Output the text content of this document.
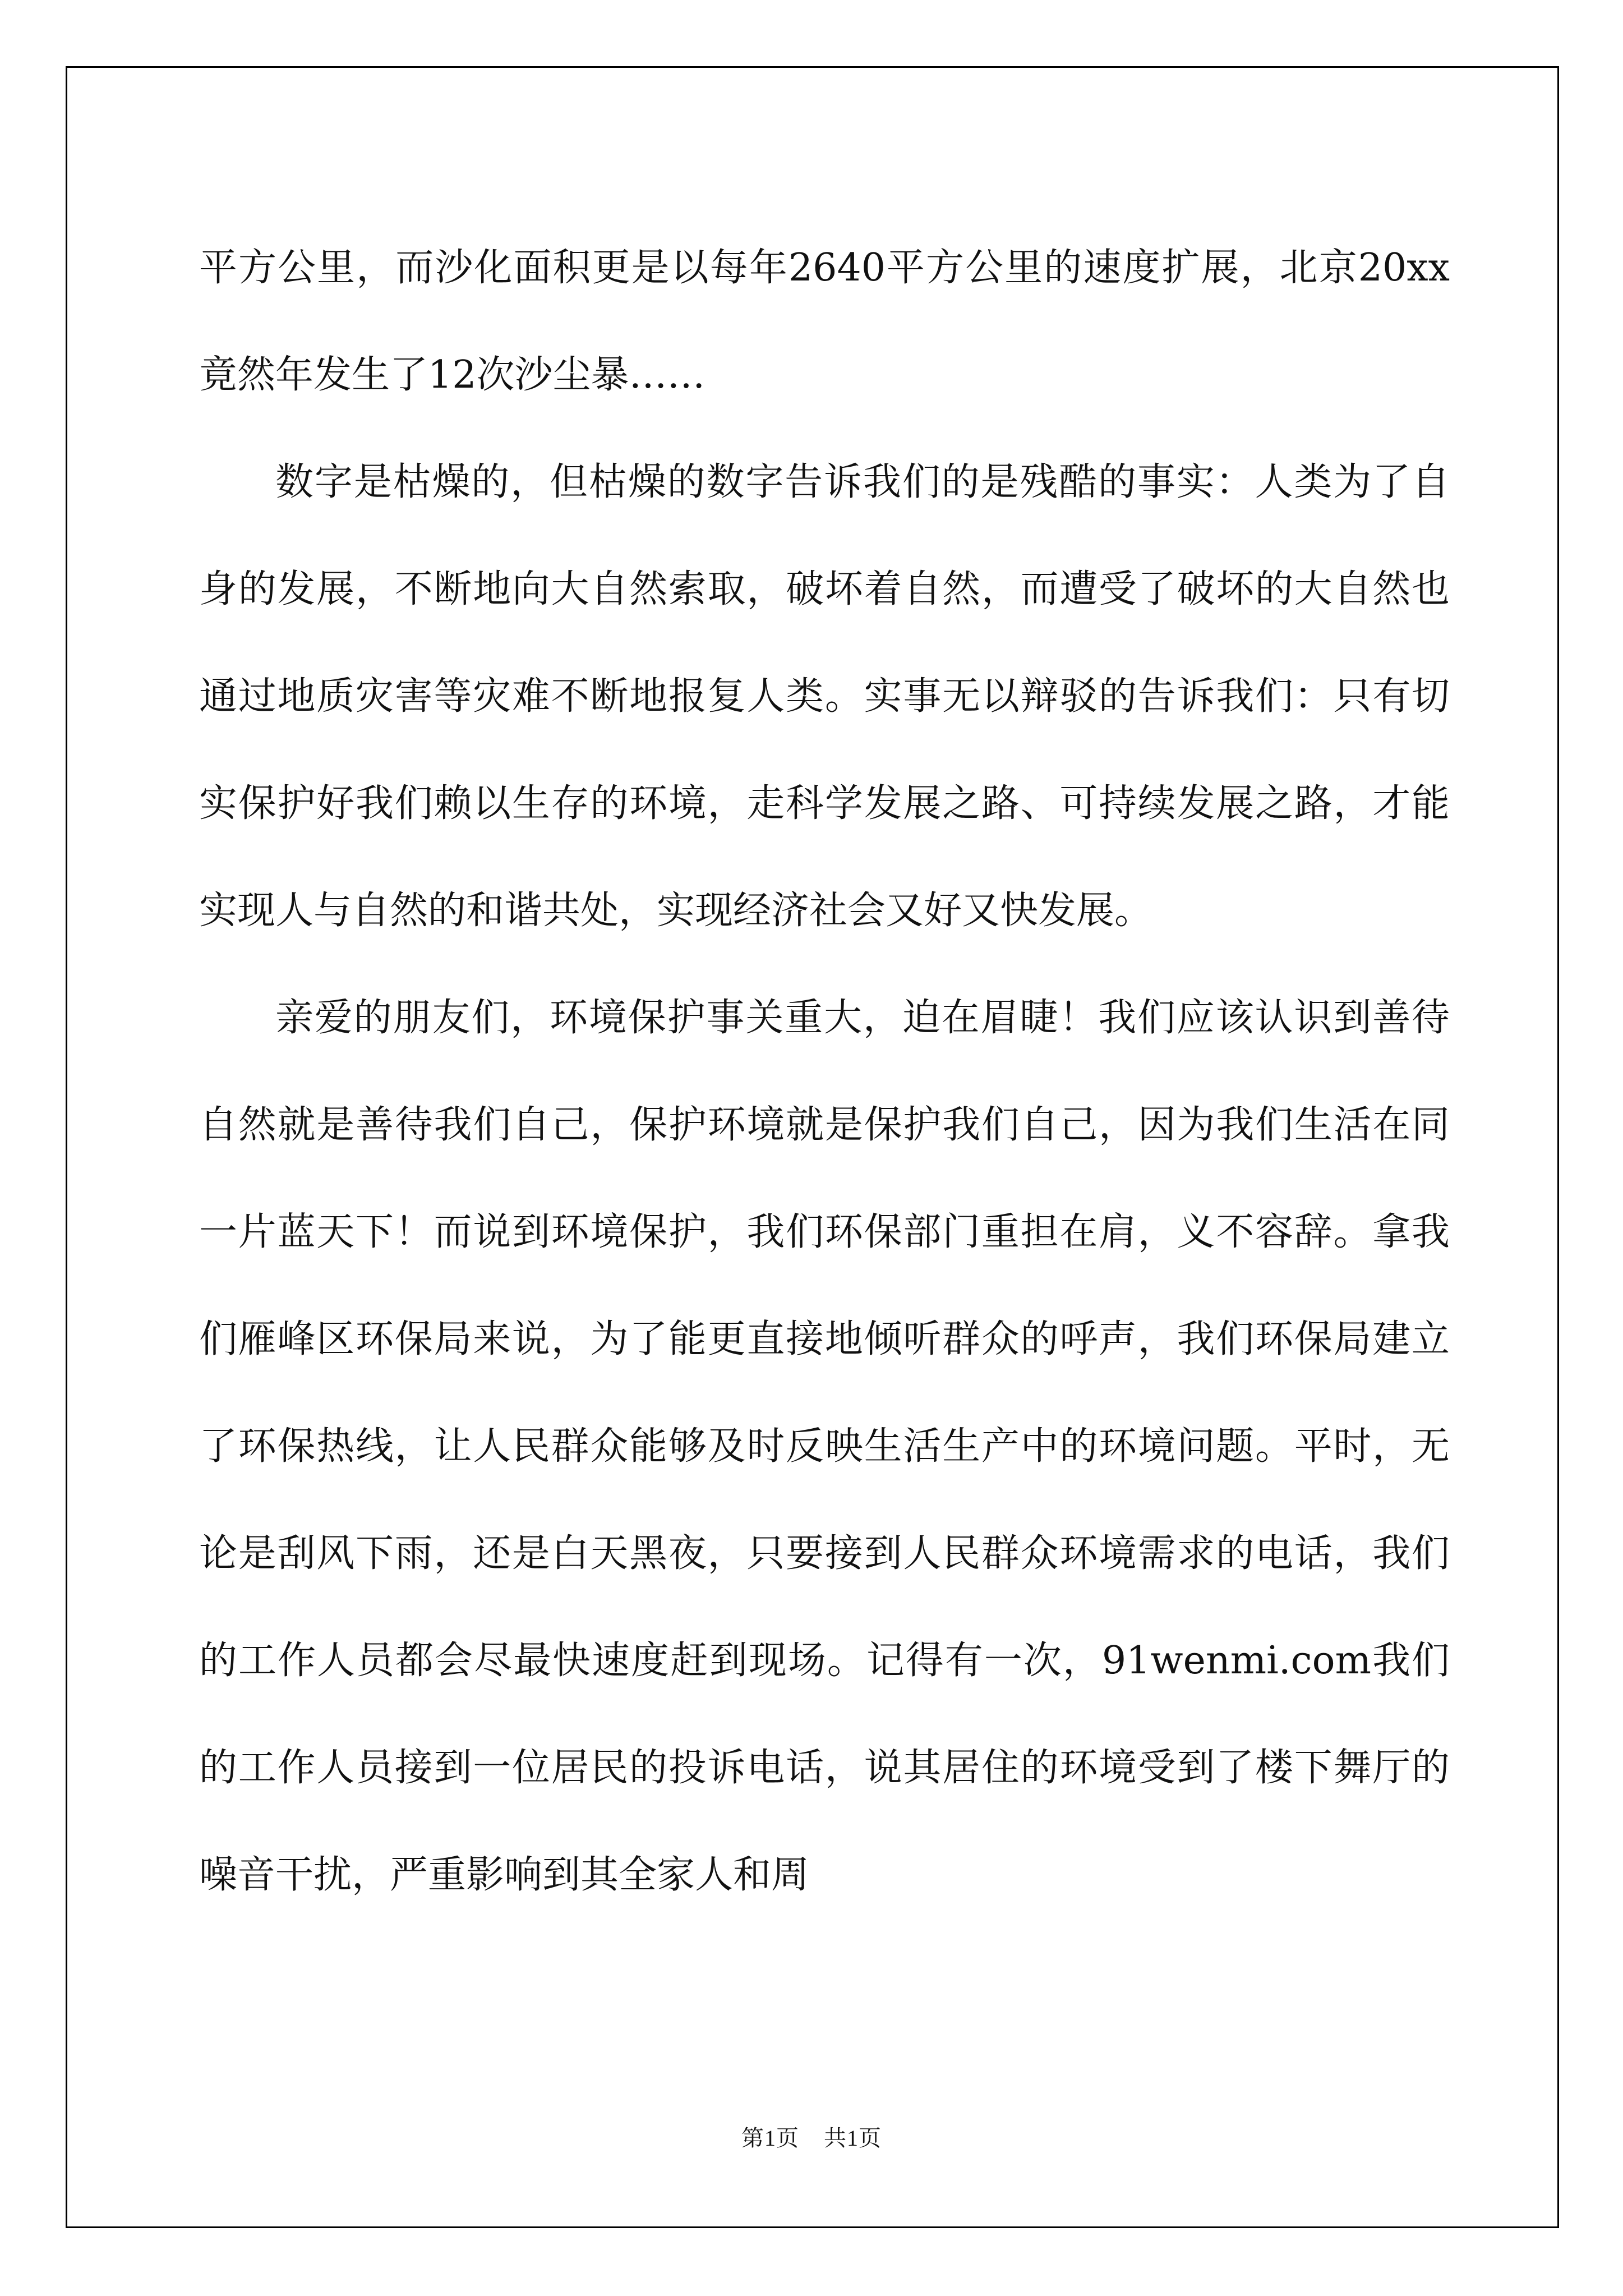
平方公里，而沙化面积更是以每年2640平方公里的速度扩展，北京20xx竟然年发生了12次沙尘暴……

数字是枯燥的，但枯燥的数字告诉我们的是残酷的事实：人类为了自身的发展，不断地向大自然索取，破坏着自然，而遭受了破坏的大自然也通过地质灾害等灾难不断地报复人类。实事无以辩驳的告诉我们：只有切实保护好我们赖以生存的环境，走科学发展之路、可持续发展之路，才能实现人与自然的和谐共处，实现经济社会又好又快发展。

亲爱的朋友们，环境保护事关重大，迫在眉睫！我们应该认识到善待自然就是善待我们自己，保护环境就是保护我们自己，因为我们生活在同一片蓝天下！而说到环境保护，我们环保部门重担在肩，义不容辞。拿我们雁峰区环保局来说，为了能更直接地倾听群众的呼声，我们环保局建立了环保热线，让人民群众能够及时反映生活生产中的环境问题。平时，无论是刮风下雨，还是白天黑夜，只要接到人民群众环境需求的电话，我们的工作人员都会尽最快速度赶到现场。记得有一次，91wenmi.com我们的工作人员接到一位居民的投诉电话，说其居住的环境受到了楼下舞厅的噪音干扰，严重影响到其全家人和周

第1页 共1页
